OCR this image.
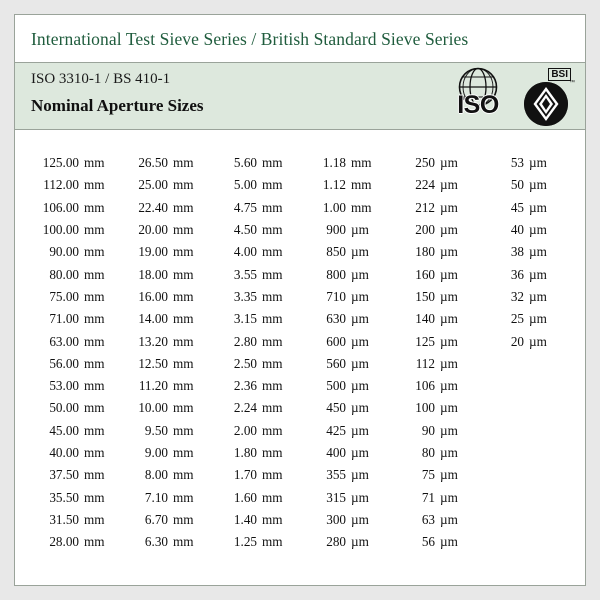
International Test Sieve Series / British Standard Sieve Series
ISO 3310-1 / BS 410-1
Nominal Aperture Sizes	ISO
BSI
™
125.00 mm	26.50 mm	5.60 mm	1.18 mm	250 µm	53 µm
112.00 mm	25.00 mm	5.00 mm	1.12 mm	224 µm	50 µm
106.00 mm	22.40 mm	4.75 mm	1.00 mm	212 µm	45 µm
100.00 mm	20.00 mm	4.50 mm	900 µm	200 µm	40 µm
90.00 mm	19.00 mm	4.00 mm	850 µm	180 µm	38 µm
80.00 mm	18.00 mm	3.55 mm	800 µm	160 µm	36 µm
75.00 mm	16.00 mm	3.35 mm	710 µm	150 µm	32 µm
71.00 mm	14.00 mm	3.15 mm	630 µm	140 µm	25 µm
63.00 mm	13.20 mm	2.80 mm	600 µm	125 µm	20 µm
56.00 mm	12.50 mm	2.50 mm	560 µm	112 µm	
53.00 mm	11.20 mm	2.36 mm	500 µm	106 µm	
50.00 mm	10.00 mm	2.24 mm	450 µm	100 µm	
45.00 mm	9.50 mm	2.00 mm	425 µm	90 µm	
40.00 mm	9.00 mm	1.80 mm	400 µm	80 µm	
37.50 mm	8.00 mm	1.70 mm	355 µm	75 µm	
35.50 mm	7.10 mm	1.60 mm	315 µm	71 µm	
31.50 mm	6.70 mm	1.40 mm	300 µm	63 µm	
28.00 mm	6.30 mm	1.25 mm	280 µm	56 µm	
